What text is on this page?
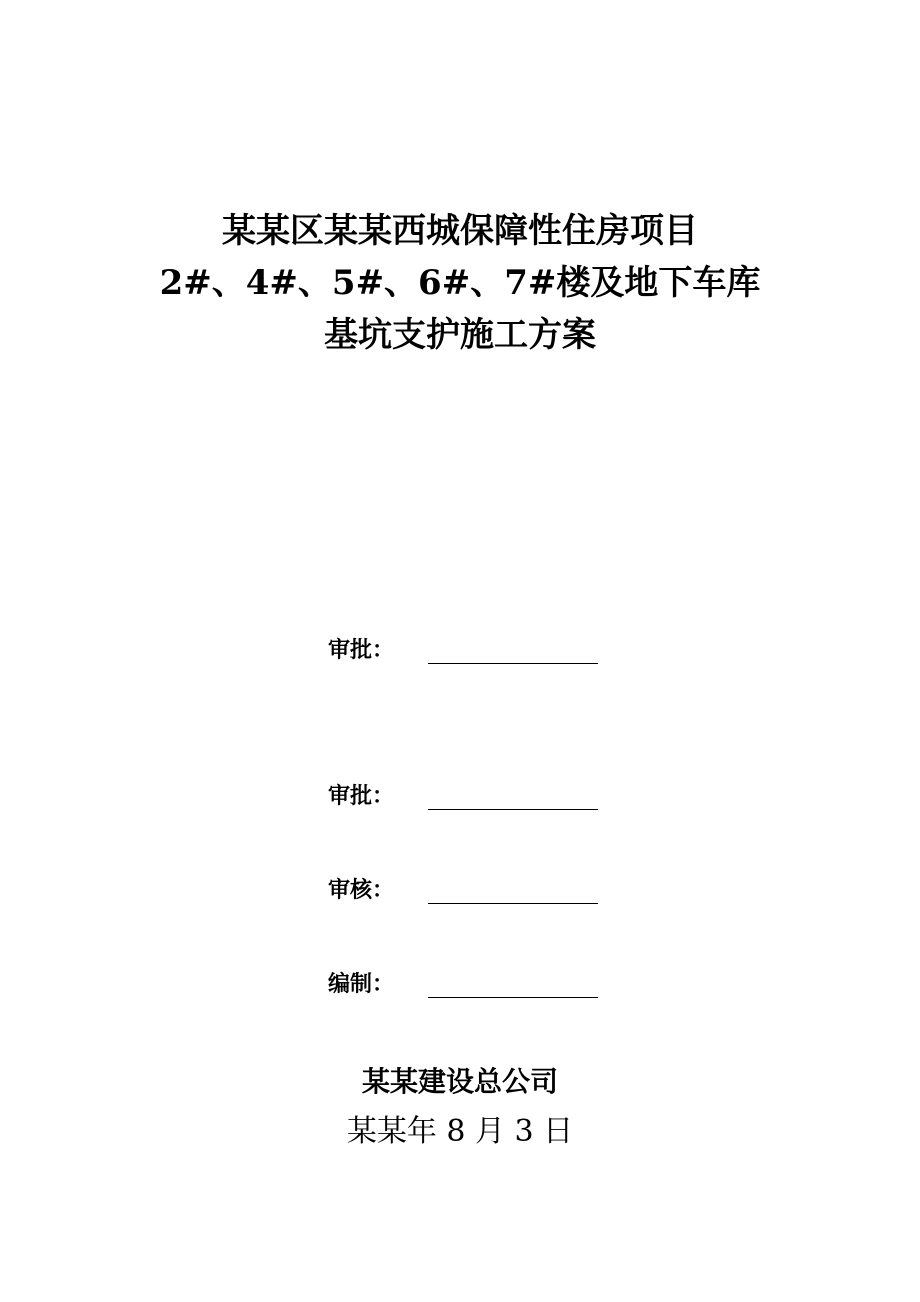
某某区某某西城保障性住房项目
2#、4#、5#、6#、7#楼及地下车库
基坑支护施工方案
审批：
审批：
审核：
编制：
某某建设总公司
某某年 8 月 3 日
